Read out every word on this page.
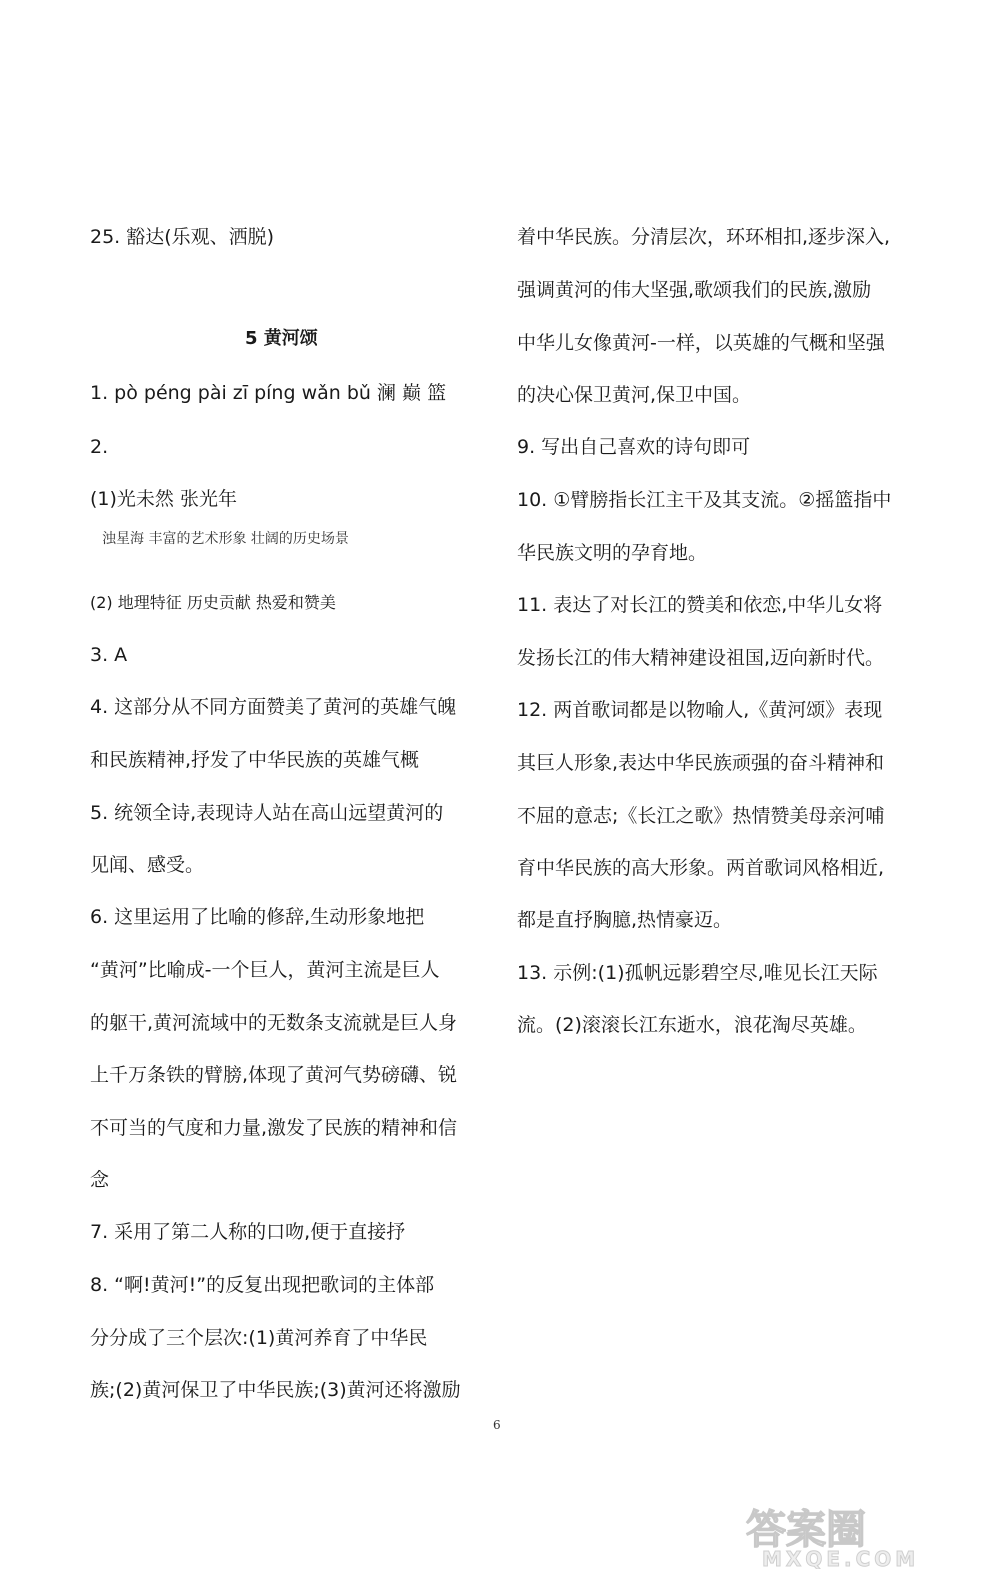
25. 豁达(乐观、洒脱)
5 黄河颂
1. pò péng pài zī píng wǎn bǔ 澜 巅 篮
2.
(1)光未然 张光年
浊星海 丰富的艺术形象 壮阔的历史场景
(2) 地理特征 历史贡献 热爱和赞美
3. A
4. 这部分从不同方面赞美了黄河的英雄气魄
和民族精神,抒发了中华民族的英雄气概
5. 统领全诗,表现诗人站在高山远望黄河的
见闻、感受。
6. 这里运用了比喻的修辞,生动形象地把
“黄河”比喻成-一个巨人，黄河主流是巨人
的躯干,黄河流域中的无数条支流就是巨人身
上千万条铁的臂膀,体现了黄河气势磅礴、锐
不可当的气度和力量,激发了民族的精神和信
念
7. 采用了第二人称的口吻,便于直接抒
8. “啊!黄河!”的反复出现把歌词的主体部
分分成了三个层次:(1)黄河养育了中华民
族;(2)黄河保卫了中华民族;(3)黄河还将激励
着中华民族。分清层次，环环相扣,逐步深入,
强调黄河的伟大坚强,歌颂我们的民族,激励
中华儿女像黄河-一样，以英雄的气概和坚强
的决心保卫黄河,保卫中国。
9. 写出自己喜欢的诗句即可
10. ①臂膀指长江主干及其支流。②摇篮指中
华民族文明的孕育地。
11. 表达了对长江的赞美和依恋,中华儿女将
发扬长江的伟大精神建设祖国,迈向新时代。
12. 两首歌词都是以物喻人,《黄河颂》表现
其巨人形象,表达中华民族顽强的奋斗精神和
不屈的意志;《长江之歌》热情赞美母亲河哺
育中华民族的高大形象。两首歌词风格相近,
都是直抒胸臆,热情豪迈。
13. 示例:(1)孤帆远影碧空尽,唯见长江天际
流。(2)滚滚长江东逝水，浪花淘尽英雄。
6
答案圈
MXQE.COM
